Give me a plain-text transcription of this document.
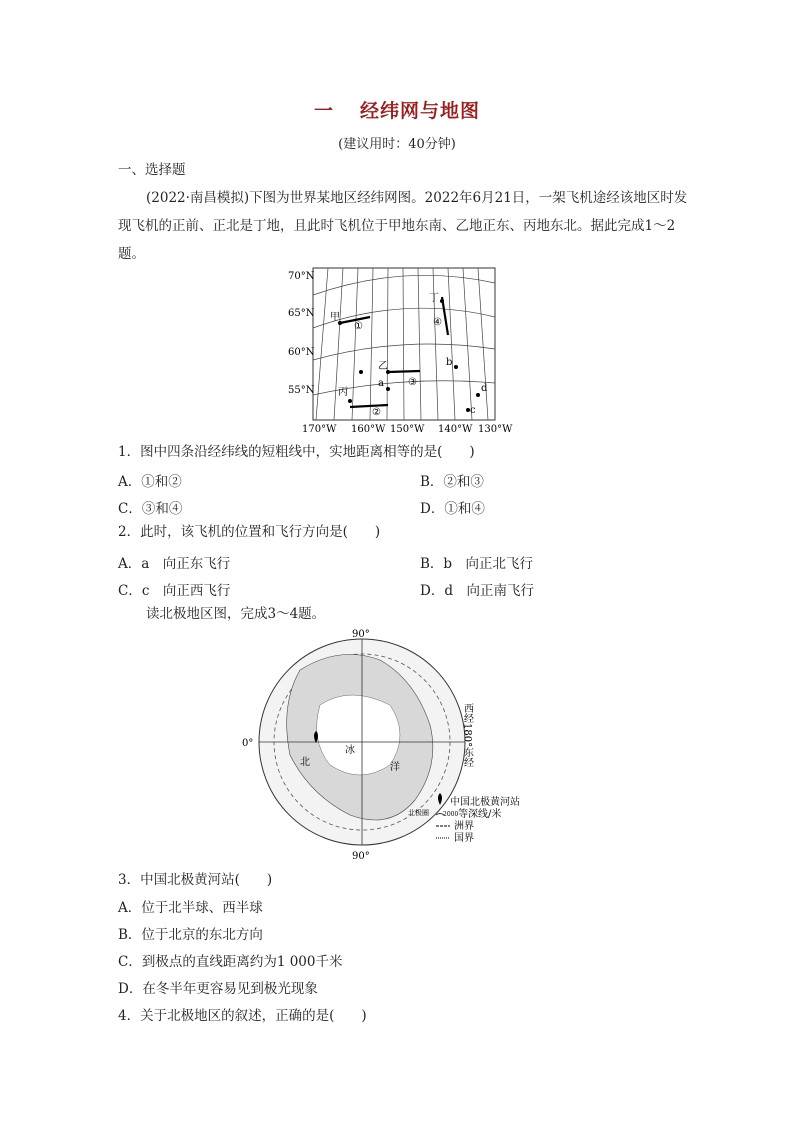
一 经纬网与地图
(建议用时：40分钟)
一、选择题
(2022·南昌模拟)下图为世界某地区经纬网图。2022年6月21日，一架飞机途经该地区时发现飞机的正前、正北是丁地，且此时飞机位于甲地东南、乙地正东、丙地东北。据此完成1～2题。
70°N
65°N
60°N
55°N
170°W 160°W 150°W 140°W 130°W
甲
乙
丙
丁
a
b
c
d
①
②
③
④
1．图中四条沿经纬线的短粗线中，实地距离相等的是(　　)
A．①和②	B．②和③
C．③和④	D．①和④
2．此时，该飞机的位置和飞行方向是(　　)
A．a　向正东飞行	B．b　向正北飞行
C．c　向正西飞行	D．d　向正南飞行
读北极地区图，完成3～4题。
90°
90°
0°	西经180°东经
北
冰
洋
北极圈
中国北极黄河站
2000 等深线/米
洲界
国界
3．中国北极黄河站(　　)
A．位于北半球、西半球
B．位于北京的东北方向
C．到极点的直线距离约为1 000千米
D．在冬半年更容易见到极光现象
4．关于北极地区的叙述，正确的是(　　)
